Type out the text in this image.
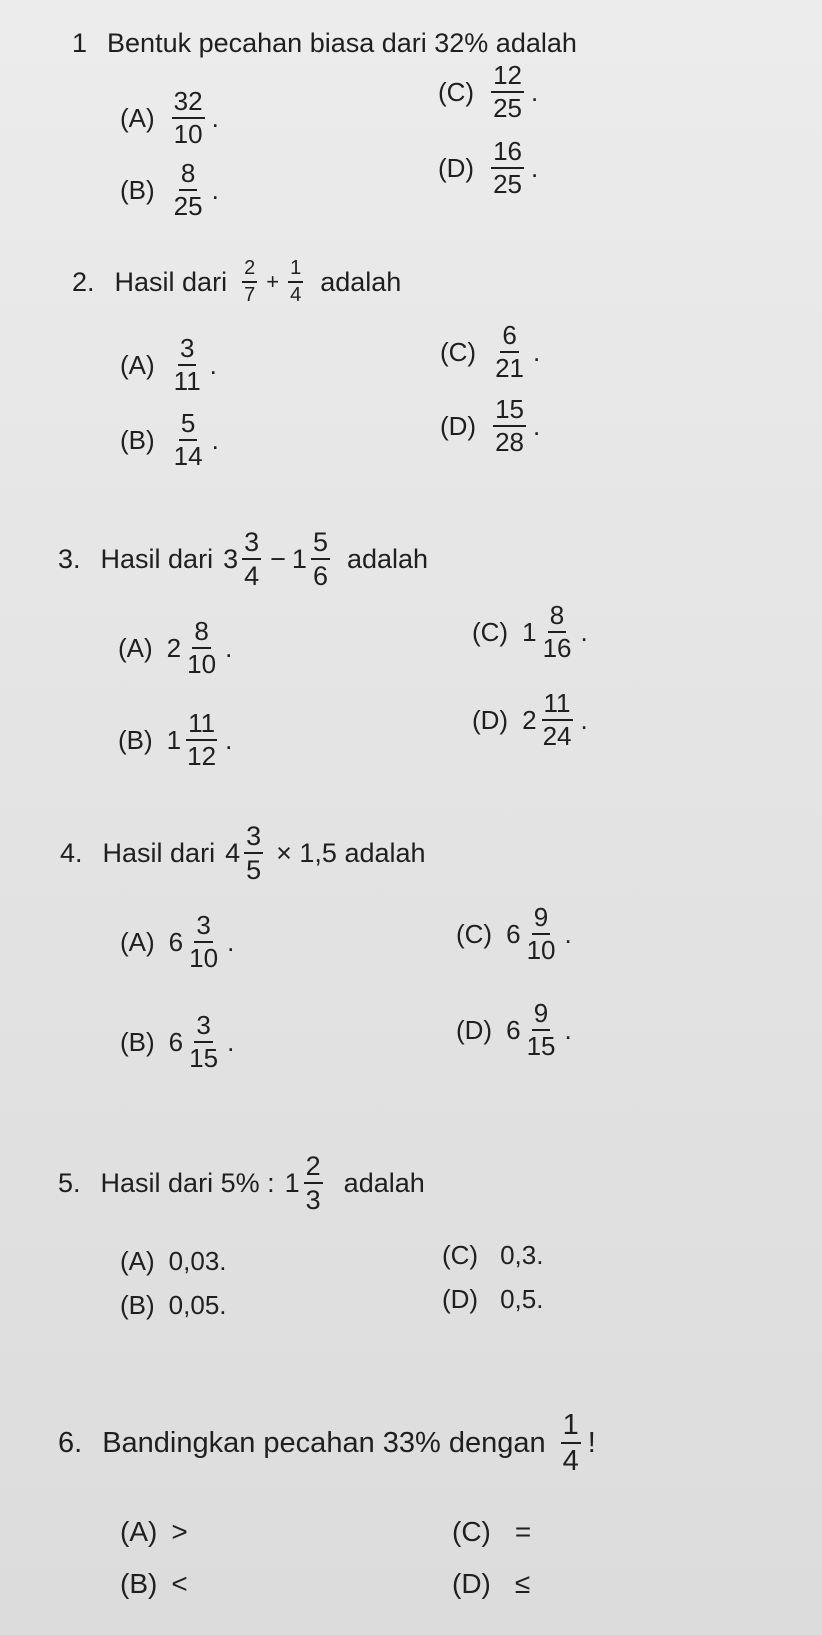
1 Bentuk pecahan biasa dari 32% adalah
$(A) \frac{32}{10}$ .
$(B) \frac{8}{25}$ .
$(C) \frac{12}{25}$ .
$(D) \frac{16}{25}$ .
2. Hasil dari $\frac{2}{7} + \frac{1}{4}$ adalah
$(A) \frac{3}{11}$ .
$(B) \frac{5}{14}$ .
$(C) \frac{6}{21}$ .
$(D) \frac{15}{28}$ .
3. Hasil dari $3 \frac{3}{4} - 1 \frac{5}{6}$ adalah
(A) $2 \frac{8}{10}$ .
(B) $1 \frac{11}{12}$ .
(C) $1 \frac{8}{16}$ .
(D) $2 \frac{11}{24}$ .
4. Hasil dari $4 \frac{3}{5} \times 1,5$ adalah
(A) $6 \frac{3}{10}$ .
(B) $6 \frac{3}{15}$ .
(C) $6 \frac{9}{10}$ .
(D) $6 \frac{9}{15}$ .
5. Hasil dari 5% : $1 \frac{2}{3}$ adalah
(A) 0,03.
(B) 0,05.
(C) 0,3.
(D) 0,5.
6. Bandingkan pecahan 33% dengan $\frac{1}{4}$ !
(A) >
(B) <
(C) =
(D) ≤
